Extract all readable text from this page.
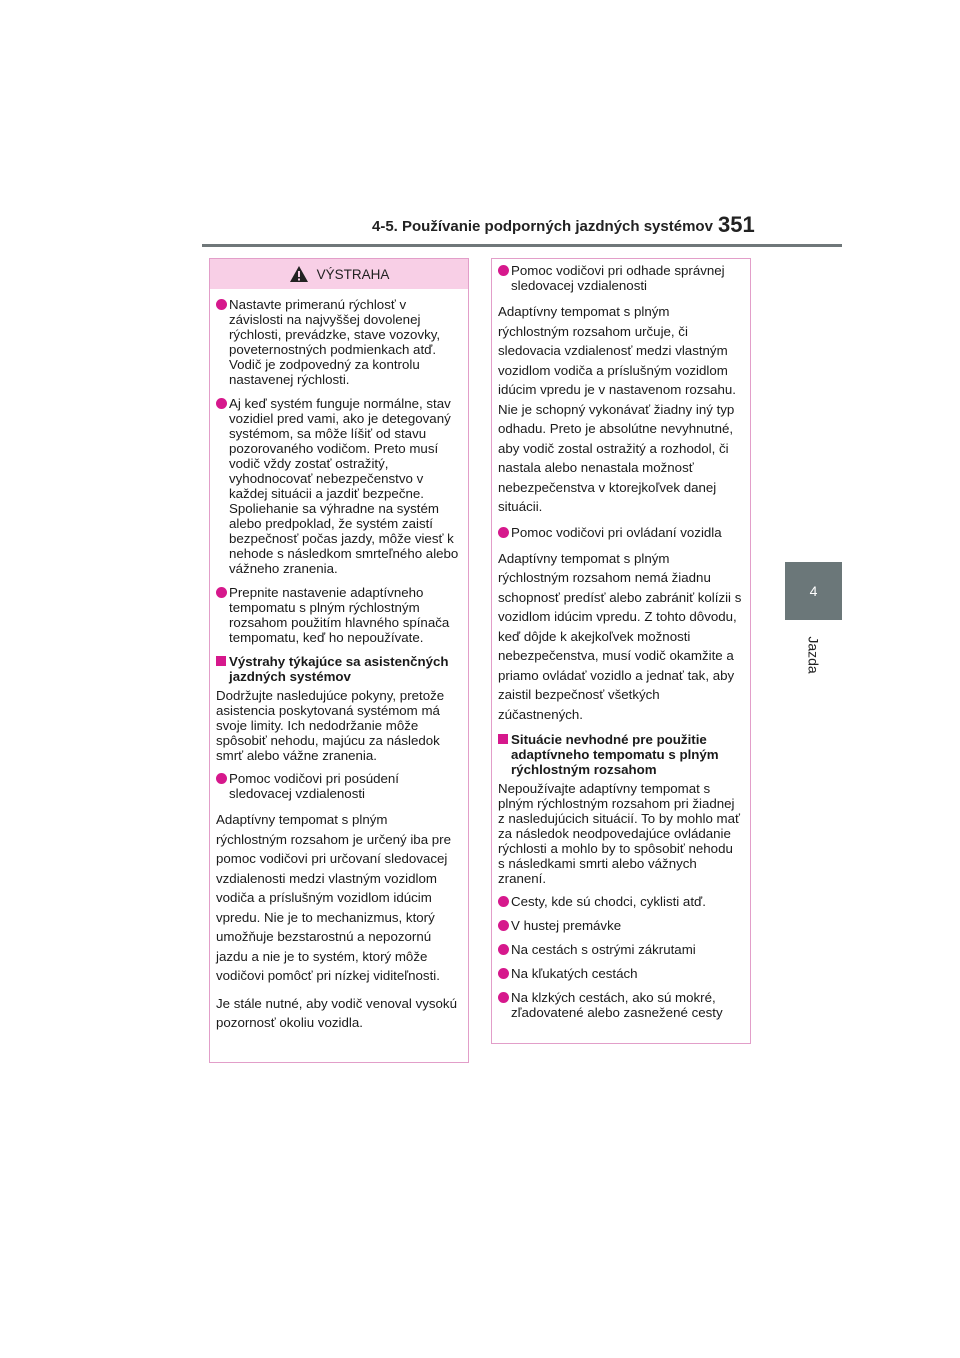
4-5. Používanie podporných jazdných systémov 351
4
Jazda
VÝSTRAHA

Nastavte primeranú rýchlosť v závislosti na najvyššej dovolenej rýchlosti, prevádzke, stave vozovky, poveternostných podmienkach atď. Vodič je zodpovedný za kontrolu nastavenej rýchlosti.

Aj keď systém funguje normálne, stav vozidiel pred vami, ako je detegovaný systémom, sa môže líšiť od stavu pozorovaného vodičom. Preto musí vodič vždy zostať ostražitý, vyhodnocovať nebezpečenstvo v každej situácii a jazdiť bezpečne. Spoliehanie sa výhradne na systém alebo predpoklad, že systém zaistí bezpečnosť počas jazdy, môže viesť k nehode s následkom smrteľného alebo vážneho zranenia.

Prepnite nastavenie adaptívneho tempomatu s plným rýchlostným rozsahom použitím hlavného spínača tempomatu, keď ho nepoužívate.

Výstrahy týkajúce sa asistenčných jazdných systémov

Dodržujte nasledujúce pokyny, pretože asistencia poskytovaná systémom má svoje limity. Ich nedodržanie môže spôsobiť nehodu, majúcu za následok smrť alebo vážne zranenia.

Pomoc vodičovi pri posúdení sledovacej vzdialenosti

Adaptívny tempomat s plným rýchlostným rozsahom je určený iba pre pomoc vodičovi pri určovaní sledovacej vzdialenosti medzi vlastným vozidlom vodiča a príslušným vozidlom idúcim vpredu. Nie je to mechanizmus, ktorý umožňuje bezstarostnú a nepozornú jazdu a nie je to systém, ktorý môže vodičovi pomôcť pri nízkej viditeľnosti.
Je stále nutné, aby vodič venoval vysokú pozornosť okoliu vozidla.

Pomoc vodičovi pri odhade správnej sledovacej vzdialenosti

Adaptívny tempomat s plným rýchlostným rozsahom určuje, či sledovacia vzdialenosť medzi vlastným vozidlom vodiča a príslušným vozidlom idúcim vpredu je v nastavenom rozsahu. Nie je schopný vykonávať žiadny iný typ odhadu. Preto je absolútne nevyhnutné, aby vodič zostal ostražitý a rozhodol, či nastala alebo nenastala možnosť nebezpečenstva v ktorejkoľvek danej situácii.

Pomoc vodičovi pri ovládaní vozidla

Adaptívny tempomat s plným rýchlostným rozsahom nemá žiadnu schopnosť predísť alebo zabrániť kolízii s vozidlom idúcim vpredu. Z tohto dôvodu, keď dôjde k akejkoľvek možnosti nebezpečenstva, musí vodič okamžite a priamo ovládať vozidlo a jednať tak, aby zaistil bezpečnosť všetkých zúčastnených.

Situácie nevhodné pre použitie adaptívneho tempomatu s plným rýchlostným rozsahom

Nepoužívajte adaptívny tempomat s plným rýchlostným rozsahom pri žiadnej z nasledujúcich situácií. To by mohlo mať za následok neodpovedajúce ovládanie rýchlosti a mohlo by to spôsobiť nehodu s následkami smrti alebo vážnych zranení.

Cesty, kde sú chodci, cyklisti atď.

V hustej premávke

Na cestách s ostrými zákrutami

Na kľukatých cestách

Na klzkých cestách, ako sú mokré, zľadovatené alebo zasnežené cesty
